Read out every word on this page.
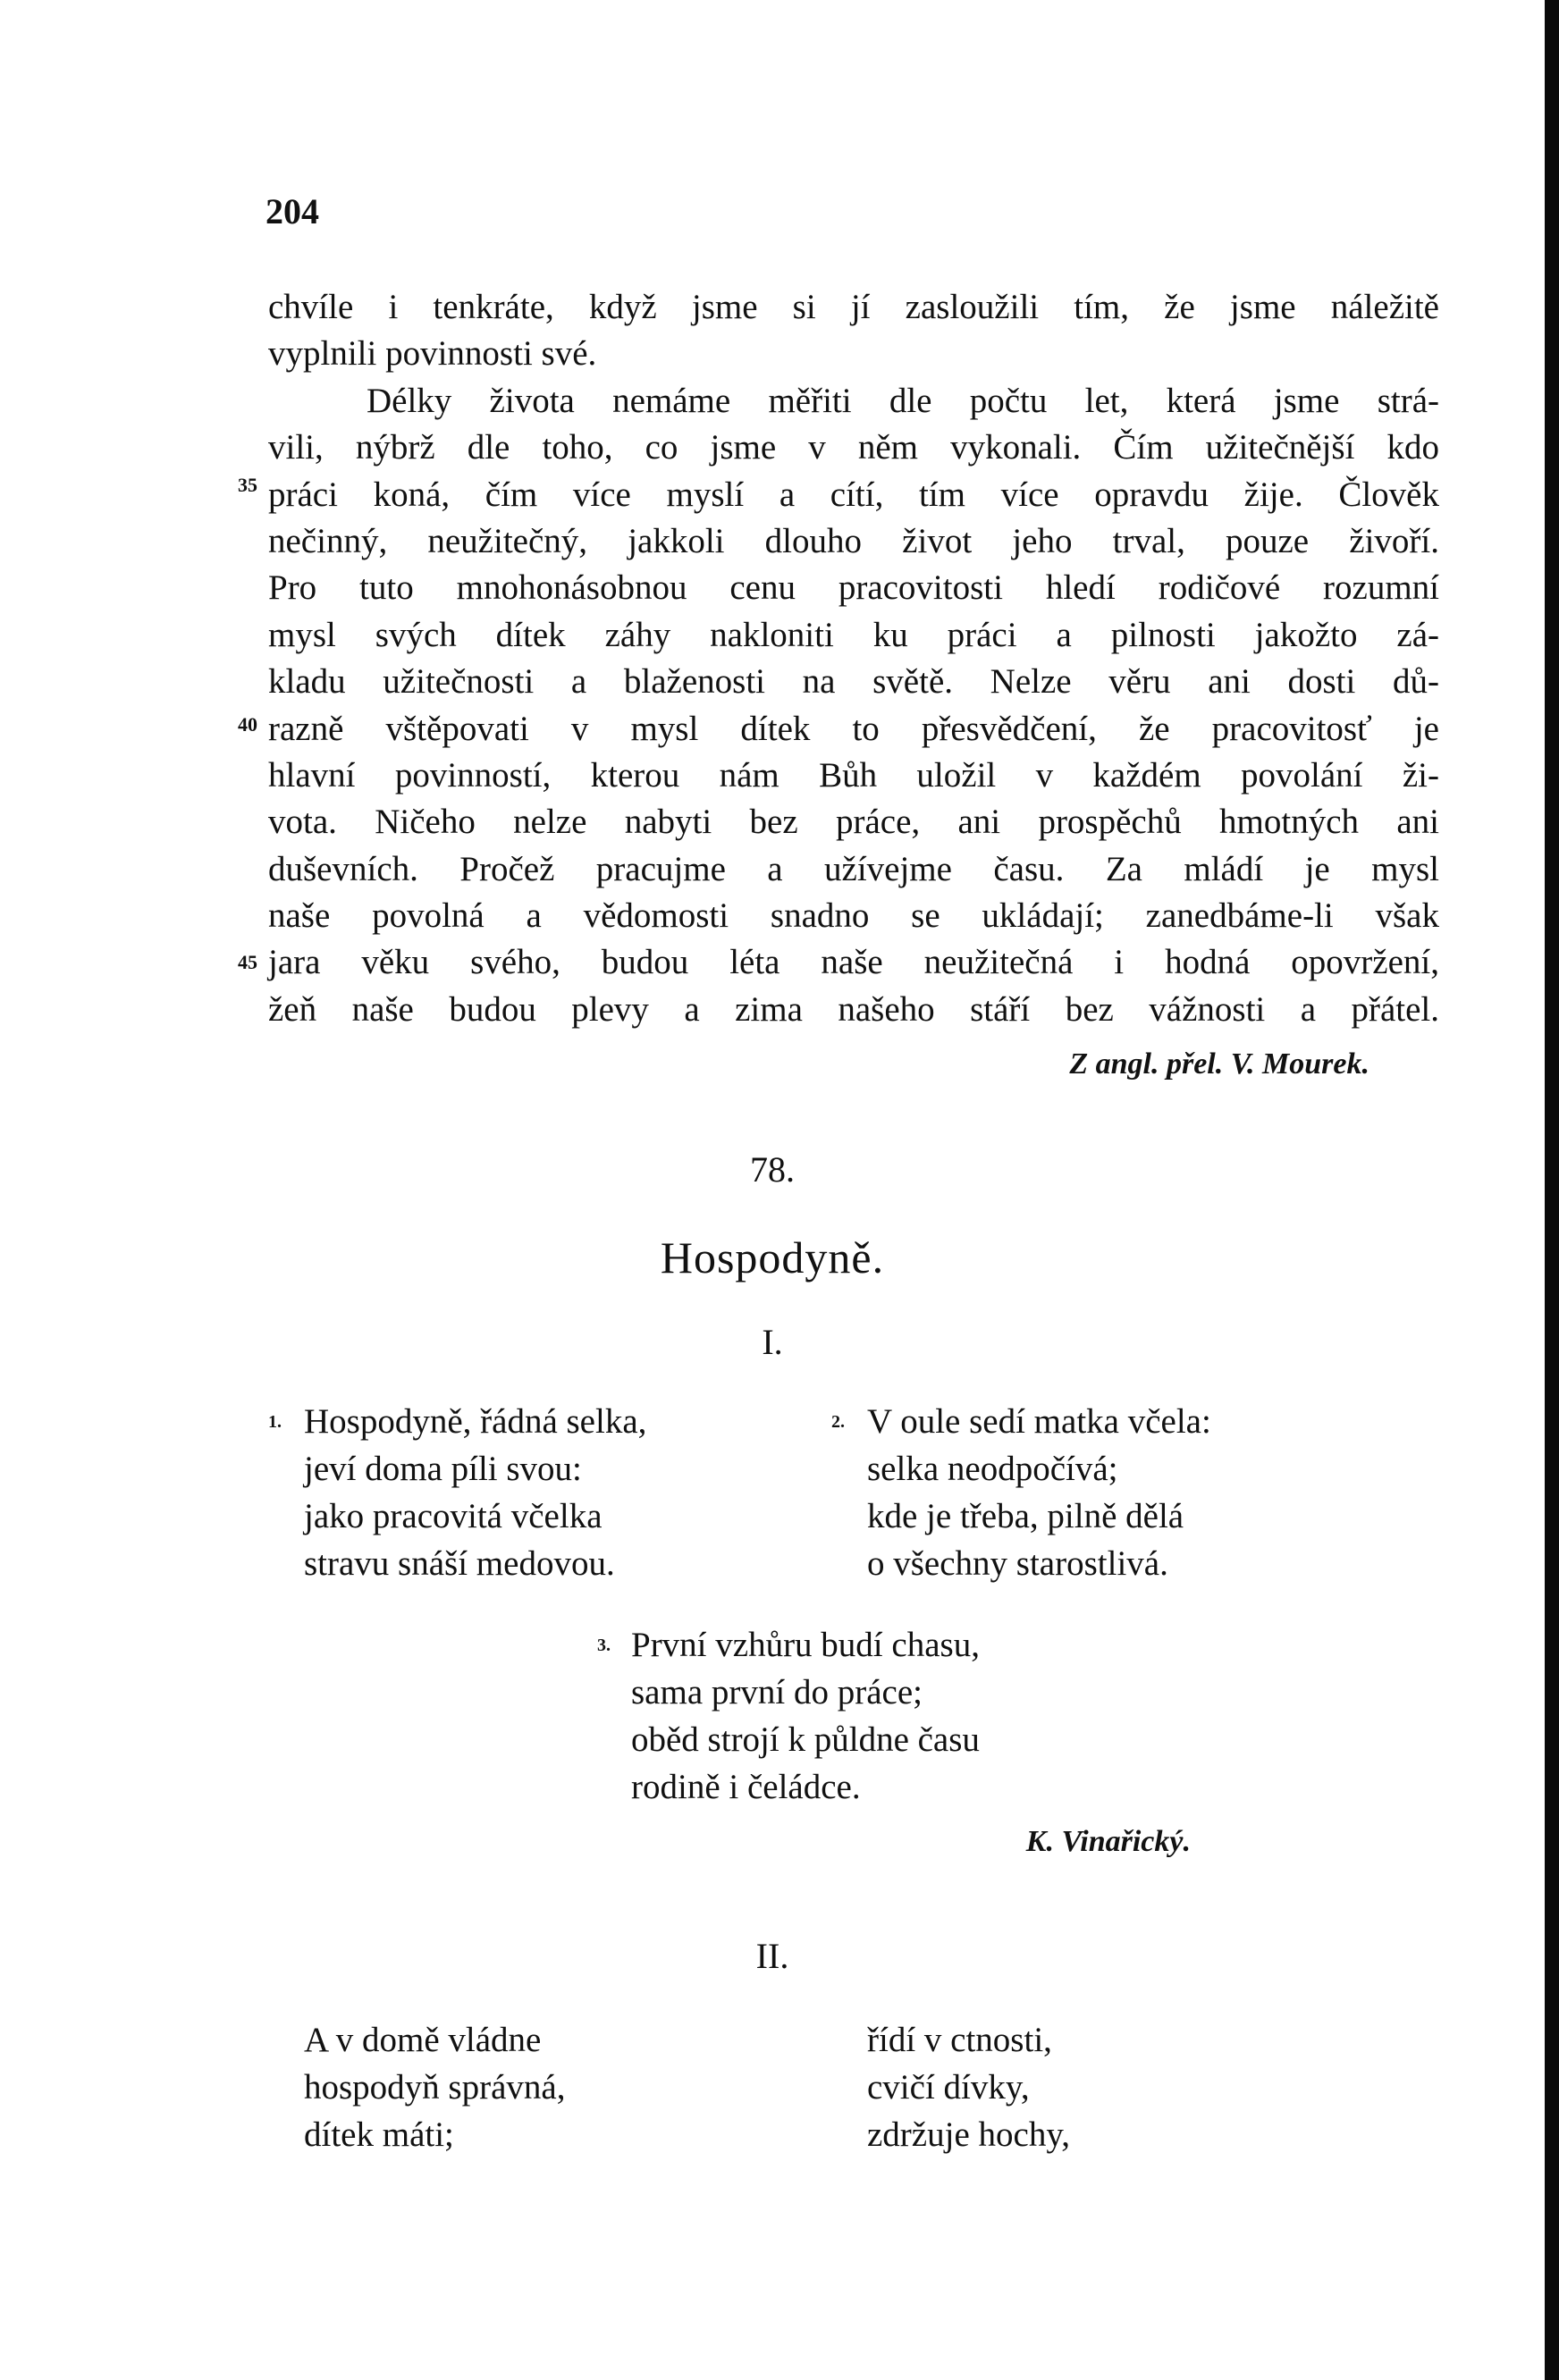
204
chvíle i tenkráte, když jsme si jí zasloužili tím, že jsme náležitě
vyplnili povinnosti své.
Délky života nemáme měřiti dle počtu let, která jsme strá-
vili, nýbrž dle toho, co jsme v něm vykonali. Čím užitečnější kdo
práci koná, čím více myslí a cítí, tím více opravdu žije. Člověk
nečinný, neužitečný, jakkoli dlouho život jeho trval, pouze živoří.
Pro tuto mnohonásobnou cenu pracovitosti hledí rodičové rozumní
mysl svých dítek záhy nakloniti ku práci a pilnosti jakožto zá-
kladu užitečnosti a blaženosti na světě. Nelze věru ani dosti dů-
razně vštěpovati v mysl dítek to přesvědčení, že pracovitosť je
hlavní povinností, kterou nám Bůh uložil v každém povolání ži-
vota. Ničeho nelze nabyti bez práce, ani prospěchů hmotných ani
duševních. Pročež pracujme a užívejme času. Za mládí je mysl
naše povolná a vědomosti snadno se ukládají; zanedbáme-li však
jara věku svého, budou léta naše neužitečná i hodná opovržení,
žeň naše budou plevy a zima našeho stáří bez vážnosti a přátel.
35
40
45
Z angl. přel. V. Mourek.
78.
Hospodyně.
I.
1. Hospodyně, řádná selka,
jeví doma píli svou:
jako pracovitá včelka
stravu snáší medovou.
2. V oule sedí matka včela:
selka neodpočívá;
kde je třeba, pilně dělá
o všechny starostlivá.
3. První vzhůru budí chasu,
sama první do práce;
oběd strojí k půldne času
rodině i čeládce.
K. Vinařický.
II.
A v domě vládne
hospodyň správná,
dítek máti;
řídí v ctnosti,
cvičí dívky,
zdržuje hochy,
